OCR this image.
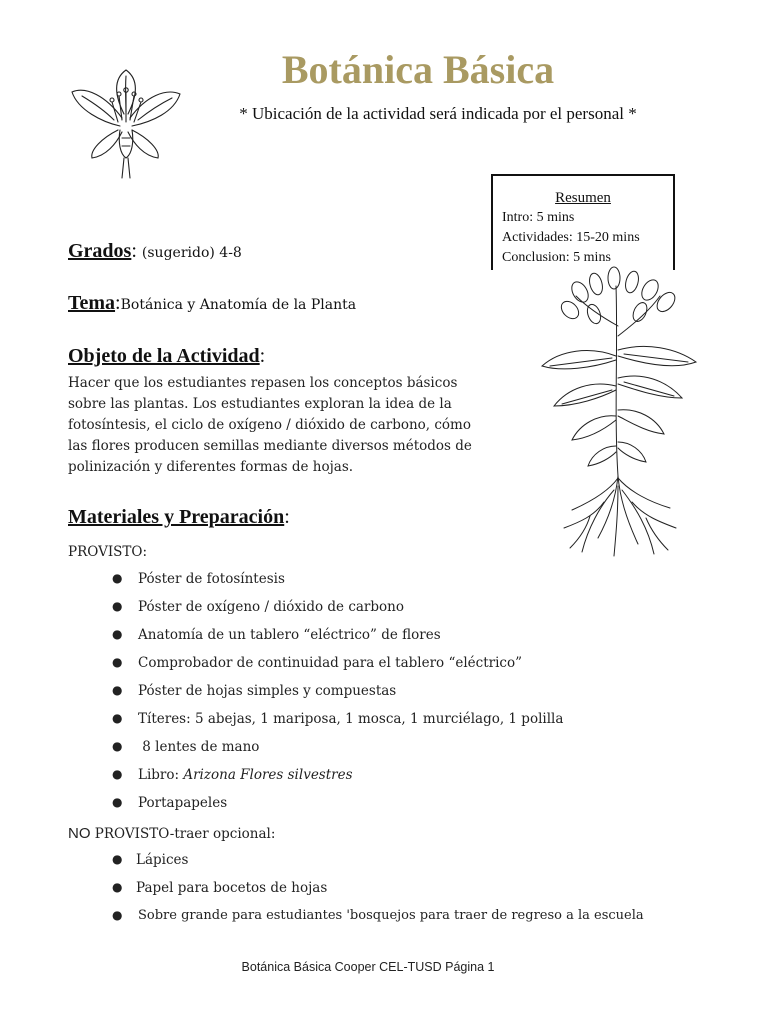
Botánica Básica
* Ubicación de la actividad será indicada por el personal *
Resumen
Intro: 5 mins
Actividades: 15-20 mins
Conclusion: 5 mins
Grados: (sugerido) 4-8
Tema:Botánica y Anatomía de la Planta
Objeto de la Actividad:
Hacer que los estudiantes repasen los conceptos básicos
sobre las plantas. Los estudiantes exploran la idea de la
fotosíntesis, el ciclo de oxígeno / dióxido de carbono, cómo
las flores producen semillas mediante diversos métodos de
polinización y diferentes formas de hojas.
Materiales y Preparación:
PROVISTO:
● Póster de fotosíntesis
● Póster de oxígeno / dióxido de carbono
● Anatomía de un tablero “eléctrico” de flores
● Comprobador de continuidad para el tablero “eléctrico”
● Póster de hojas simples y compuestas
● Títeres: 5 abejas, 1 mariposa, 1 mosca, 1 murciélago, 1 polilla
● 8 lentes de mano
● Libro: Arizona Flores silvestres
● Portapapeles
NO PROVISTO-traer opcional:
● Lápices
● Papel para bocetos de hojas
● Sobre grande para estudiantes 'bosquejos para traer de regreso a la escuela
Botánica Básica Cooper CEL-TUSD Página 1
